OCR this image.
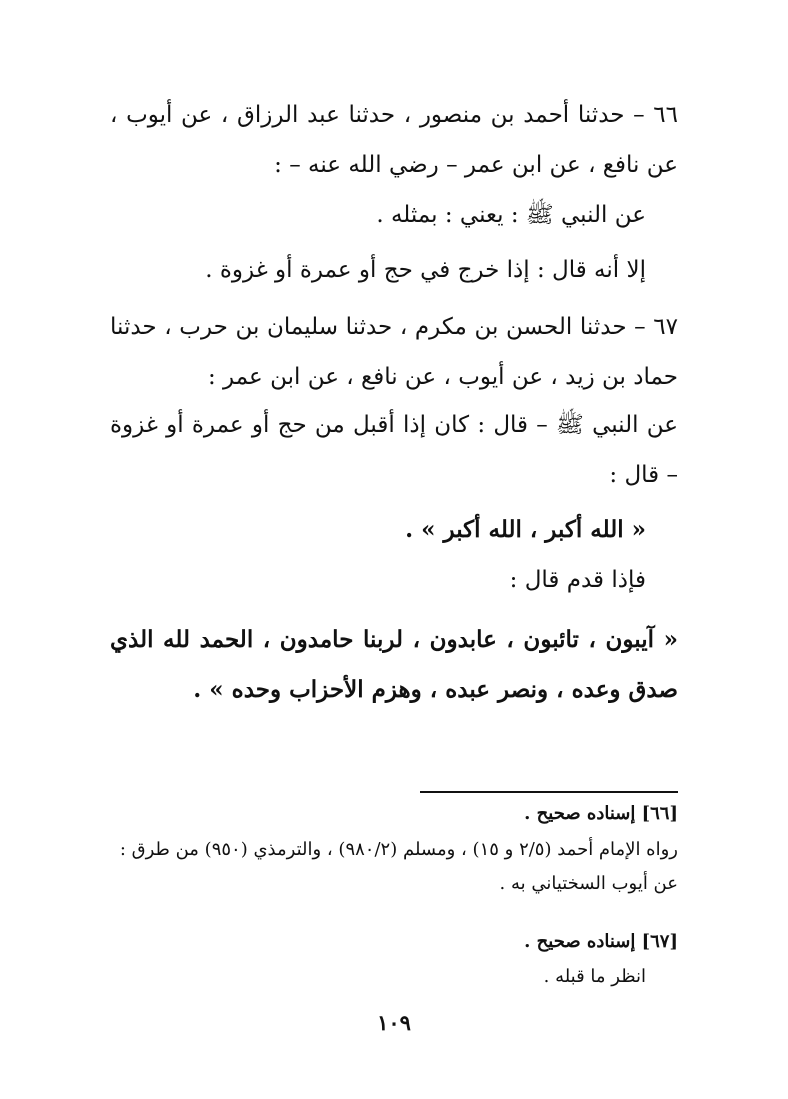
٦٦ – حدثنا أحمد بن منصور ، حدثنا عبد الرزاق ، عن أيوب ، عن نافع ، عن ابن عمر – رضي الله عنه – :
عن النبي ﷺ : يعني : بمثله .
إلا أنه قال : إذا خرج في حج أو عمرة أو غزوة .
٦٧ – حدثنا الحسن بن مكرم ، حدثنا سليمان بن حرب ، حدثنا حماد بن زيد ، عن أيوب ، عن نافع ، عن ابن عمر :
عن النبي ﷺ – قال : كان إذا أقبل من حج أو عمرة أو غزوة – قال :
« الله أكبر ، الله أكبر » .
فإذا قدم قال :
« آيبون ، تائبون ، عابدون ، لربنا حامدون ، الحمد لله الذي صدق وعده ، ونصر عبده ، وهزم الأحزاب وحده » .
[٦٦] إسناده صحيح .
رواه الإمام أحمد (٢/٥ و ١٥) ، ومسلم (٩٨٠/٢) ، والترمذي (٩٥٠) من طرق : عن أيوب السختياني به .
[٦٧] إسناده صحيح .
انظر ما قبله .
١٠٩
